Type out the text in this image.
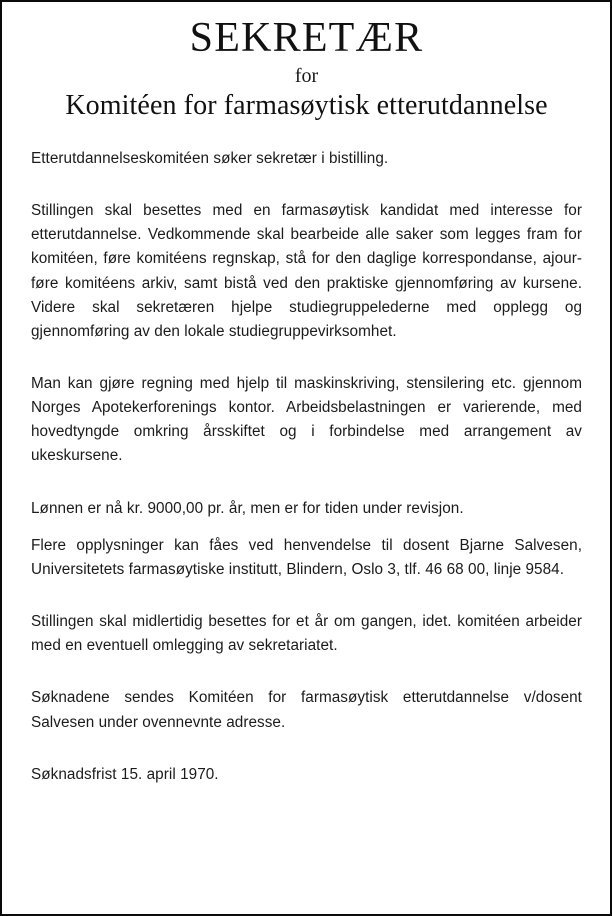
SEKRETÆR
for
Komitéen for farmasøytisk etterutdannelse

Etterutdannelseskomitéen søker sekretær i bistilling.

Stillingen skal besettes med en farmasøytisk kandidat med interesse for etterutdannelse. Vedkommende skal bearbeide alle saker som legges fram for komitéen, føre komitéens regnskap, stå for den daglige korrespondanse, ajour-føre komitéens arkiv, samt bistå ved den praktiske gjennomføring av kursene. Videre skal sekretæren hjelpe studiegruppelederne med opplegg og gjennomføring av den lokale studiegruppevirksomhet.

Man kan gjøre regning med hjelp til maskinskriving, stensilering etc. gjennom Norges Apotekerforenings kontor. Arbeidsbelastningen er varierende, med hovedtyngde omkring årsskiftet og i forbindelse med arrangement av ukeskursene.

Lønnen er nå kr. 9000,00 pr. år, men er for tiden under revisjon.

Flere opplysninger kan fåes ved henvendelse til dosent Bjarne Salvesen, Universitetets farmasøytiske institutt, Blindern, Oslo 3, tlf. 46 68 00, linje 9584.

Stillingen skal midlertidig besettes for et år om gangen, idet. komitéen arbeider med en eventuell omlegging av sekretariatet.

Søknadene sendes Komitéen for farmasøytisk etterutdannelse v/dosent Salvesen under ovennevnte adresse.

Søknadsfrist 15. april 1970.
